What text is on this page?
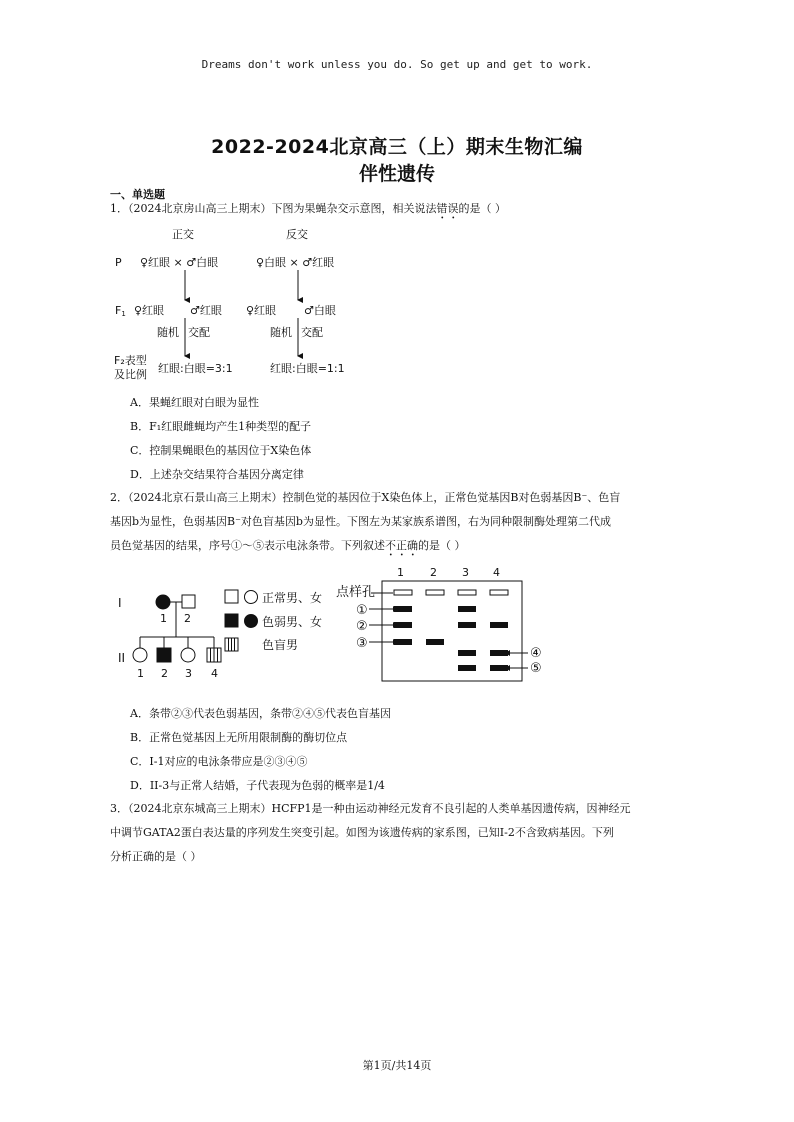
Dreams don't work unless you do. So get up and get to work.
2022-2024北京高三（上）期末生物汇编
伴性遗传
一、单选题
1．（2024北京房山高三上期末）下图为果蝇杂交示意图，相关说法错误的是（ ）
正交	反交
P ♀红眼 × ♂白眼	♀白眼 × ♂红眼
F1 ♀红眼 ♂红眼 ♀红眼	♂白眼
随机 交配	随机 交配
F₂表型
及比例 红眼:白眼=3:1	红眼:白眼=1:1
A．果蝇红眼对白眼为显性
B．F₁红眼雌蝇均产生1种类型的配子
C．控制果蝇眼色的基因位于X染色体
D．上述杂交结果符合基因分离定律
2．（2024北京石景山高三上期末）控制色觉的基因位于X染色体上，正常色觉基因B对色弱基因B⁻、色盲
基因b为显性，色弱基因B⁻对色盲基因b为显性。下图左为某家族系谱图，右为同种限制酶处理第二代成
员色觉基因的结果，序号①～⑤表示电泳条带。下列叙述不正确的是（ ）
I
II
1 2
1 2 3 4
正常男、女
色弱男、女
色盲男
1 2 3 4
点样孔
①
②
③
④
⑤
A．条带②③代表色弱基因，条带②④⑤代表色盲基因
B．正常色觉基因上无所用限制酶的酶切位点
C．I-1对应的电泳条带应是②③④⑤
D．II-3与正常人结婚，子代表现为色弱的概率是1/4
3．（2024北京东城高三上期末）HCFP1是一种由运动神经元发育不良引起的人类单基因遗传病，因神经元
中调节GATA2蛋白表达量的序列发生突变引起。如图为该遗传病的家系图，已知I-2不含致病基因。下列
分析正确的是（ ）
第1页/共14页
